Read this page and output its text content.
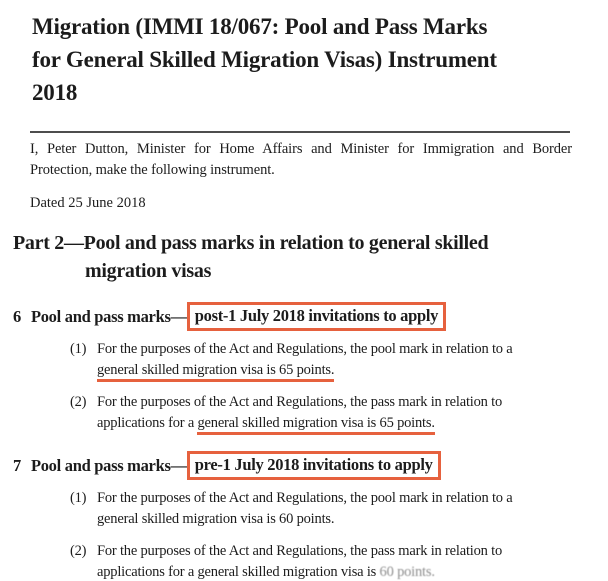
Migration (IMMI 18/067: Pool and Pass Marks
for General Skilled Migration Visas) Instrument
2018
I, Peter Dutton, Minister for Home Affairs and Minister for Immigration and Border
Protection, make the following instrument.
Dated 25 June 2018
Part 2—Pool and pass marks in relation to general skilled
migration visas
6 Pool and pass marks— post-1 July 2018 invitations to apply
(1) For the purposes of the Act and Regulations, the pool mark in relation to a
general skilled migration visa is 65 points.
(2) For the purposes of the Act and Regulations, the pass mark in relation to
applications for a general skilled migration visa is 65 points.
7 Pool and pass marks— pre-1 July 2018 invitations to apply
(1) For the purposes of the Act and Regulations, the pool mark in relation to a
general skilled migration visa is 60 points.
(2) For the purposes of the Act and Regulations, the pass mark in relation to
applications for a general skilled migration visa is 60 points.
